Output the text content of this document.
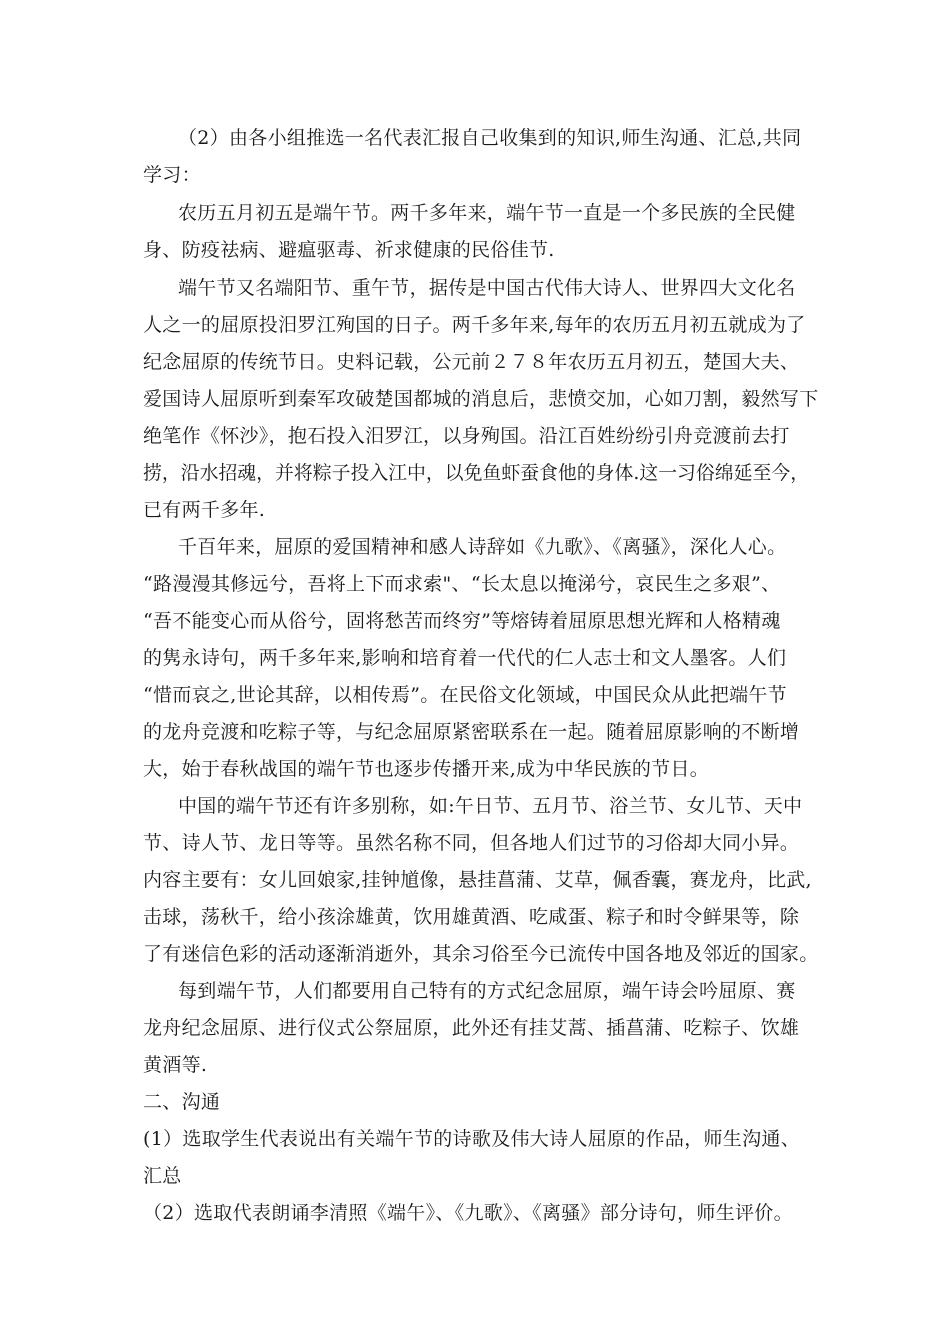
（2）由各小组推选一名代表汇报自己收集到的知识,师生沟通、汇总,共同
学习：
农历五月初五是端午节。两千多年来，端午节一直是一个多民族的全民健
身、防疫祛病、避瘟驱毒、祈求健康的民俗佳节.
端午节又名端阳节、重午节，据传是中国古代伟大诗人、世界四大文化名
人之一的屈原投汨罗江殉国的日子。两千多年来,每年的农历五月初五就成为了
纪念屈原的传统节日。史料记载，公元前２７８年农历五月初五，楚国大夫、
爱国诗人屈原听到秦军攻破楚国都城的消息后，悲愤交加，心如刀割，毅然写下
绝笔作《怀沙》，抱石投入汨罗江，以身殉国。沿江百姓纷纷引舟竞渡前去打
捞，沿水招魂，并将粽子投入江中，以免鱼虾蚕食他的身体.这一习俗绵延至今，
已有两千多年.
千百年来，屈原的爱国精神和感人诗辞如《九歌》、《离骚》，深化人心。
“路漫漫其修远兮，吾将上下而求索"、“长太息以掩涕兮，哀民生之多艰”、
“吾不能变心而从俗兮，固将愁苦而终穷”等熔铸着屈原思想光辉和人格精魂
的隽永诗句，两千多年来,影响和培育着一代代的仁人志士和文人墨客。人们
“惜而哀之,世论其辞，以相传焉”。在民俗文化领域，中国民众从此把端午节
的龙舟竞渡和吃粽子等，与纪念屈原紧密联系在一起。随着屈原影响的不断增
大，始于春秋战国的端午节也逐步传播开来,成为中华民族的节日。
中国的端午节还有许多别称，如:午日节、五月节、浴兰节、女儿节、天中
节、诗人节、龙日等等。虽然名称不同，但各地人们过节的习俗却大同小异。
内容主要有：女儿回娘家,挂钟馗像，悬挂菖蒲、艾草，佩香囊，赛龙舟，比武,
击球，荡秋千，给小孩涂雄黄，饮用雄黄酒、吃咸蛋、粽子和时令鲜果等，除
了有迷信色彩的活动逐渐消逝外，其余习俗至今已流传中国各地及邻近的国家。
每到端午节，人们都要用自己特有的方式纪念屈原，端午诗会吟屈原、赛
龙舟纪念屈原、进行仪式公祭屈原，此外还有挂艾蒿、插菖蒲、吃粽子、饮雄
黄酒等.
二、沟通
(1）选取学生代表说出有关端午节的诗歌及伟大诗人屈原的作品，师生沟通、
汇总
（2）选取代表朗诵李清照《端午》、《九歌》、《离骚》部分诗句，师生评价。
